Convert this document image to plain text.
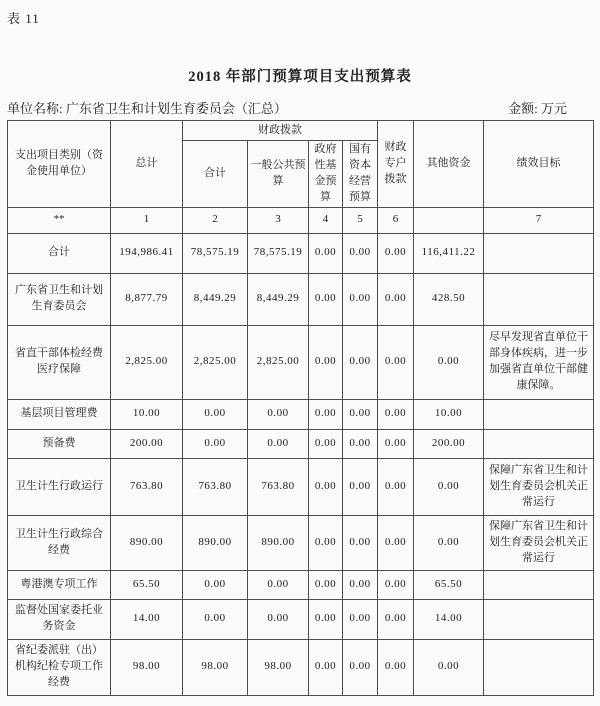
表 11
2018 年部门预算项目支出预算表
单位名称: 广东省卫生和计划生育委员会（汇总）	金额: 万元
支出项目类别（资金使用单位）	总计	财政拨款				财政专户拨款	其他资金	绩效目标
		合计	一般公共预算	政府性基金预算	国有资本经营预算			
**	1	2	3	4	5	6		7
合计	194,986.41	78,575.19	78,575.19	0.00	0.00	0.00	116,411.22	
广东省卫生和计划生育委员会	8,877.79	8,449.29	8,449.29	0.00	0.00	0.00	428.50	
省直干部体检经费医疗保障	2,825.00	2,825.00	2,825.00	0.00	0.00	0.00	0.00	尽早发现省直单位干部身体疾病，进一步加强省直单位干部健康保障。
基层项目管理费	10.00	0.00	0.00	0.00	0.00	0.00	10.00	
预备费	200.00	0.00	0.00	0.00	0.00	0.00	200.00	
卫生计生行政运行	763.80	763.80	763.80	0.00	0.00	0.00	0.00	保障广东省卫生和计划生育委员会机关正常运行
卫生计生行政综合经费	890.00	890.00	890.00	0.00	0.00	0.00	0.00	保障广东省卫生和计划生育委员会机关正常运行
粤港澳专项工作	65.50	0.00	0.00	0.00	0.00	0.00	65.50	
监督处国家委托业务资金	14.00	0.00	0.00	0.00	0.00	0.00	14.00	
省纪委派驻（出）机构纪检专项工作经费	98.00	98.00	98.00	0.00	0.00	0.00	0.00	
